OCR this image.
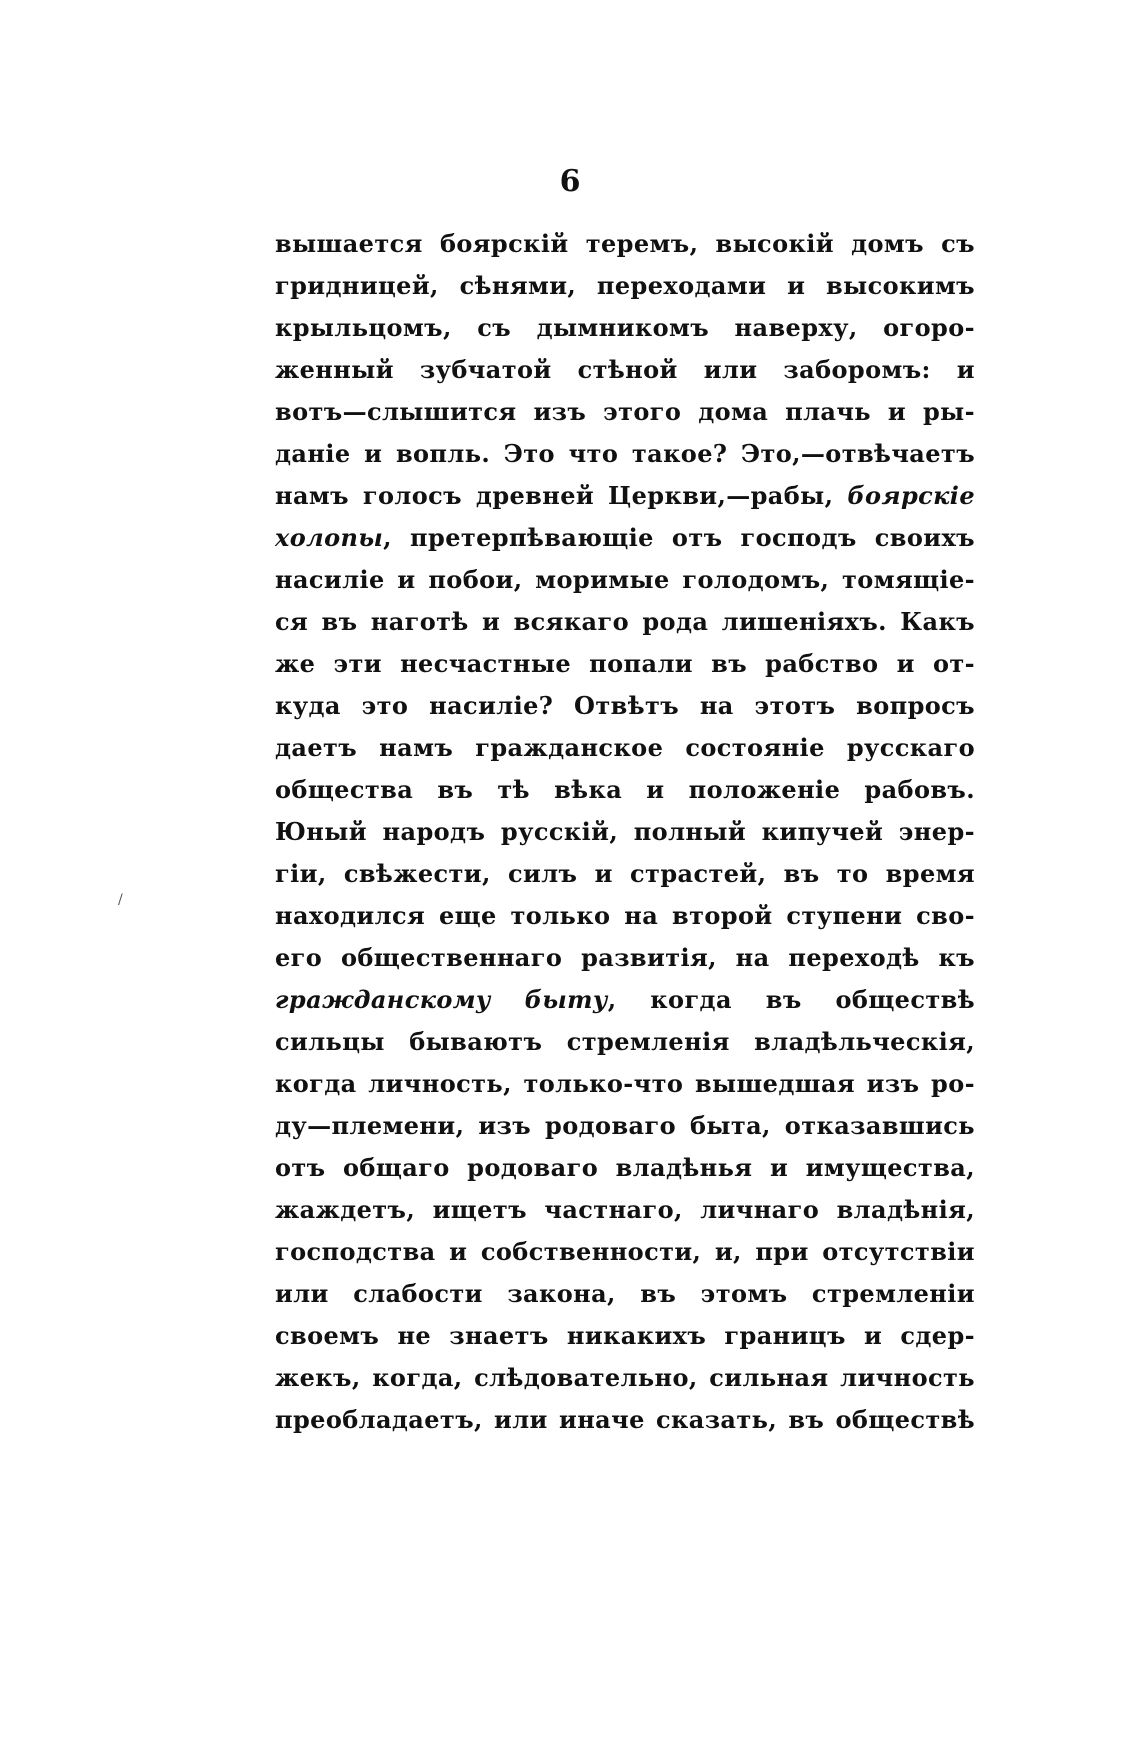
6
вышается боярскій теремъ, высокій домъ съ
гридницей, сѣнями, переходами и высокимъ
крыльцомъ, съ дымникомъ наверху, огоро-
женный зубчатой стѣной или заборомъ: и
вотъ—слышится изъ этого дома плачь и ры-
даніе и вопль. Это что такое? Это,—отвѣчаетъ
намъ голосъ древней Церкви,—рабы, боярскіе
холопы, претерпѣвающіе отъ господъ своихъ
насиліе и побои, моримые голодомъ, томящіе-
ся въ наготѣ и всякаго рода лишеніяхъ. Какъ
же эти несчастные попали въ рабство и от-
куда это насиліе? Отвѣтъ на этотъ вопросъ
даетъ намъ гражданское состояніе русскаго
общества въ тѣ вѣка и положеніе рабовъ.
Юный народъ русскій, полный кипучей энер-
гіи, свѣжести, силъ и страстей, въ то время
находился еще только на второй ступени сво-
его общественнаго развитія, на переходѣ къ
гражданскому быту, когда въ обществѣ
сильцы бываютъ стремленія владѣльческія,
когда личность, только-что вышедшая изъ ро-
ду—племени, изъ родоваго быта, отказавшись
отъ общаго родоваго владѣнья и имущества,
жаждетъ, ищетъ частнаго, личнаго владѣнія,
господства и собственности, и, при отсутствіи
или слабости закона, въ этомъ стремленіи
своемъ не знаетъ никакихъ границъ и сдер-
жекъ, когда, слѣдовательно, сильная личность
преобладаетъ, или иначе сказать, въ обществѣ
/
